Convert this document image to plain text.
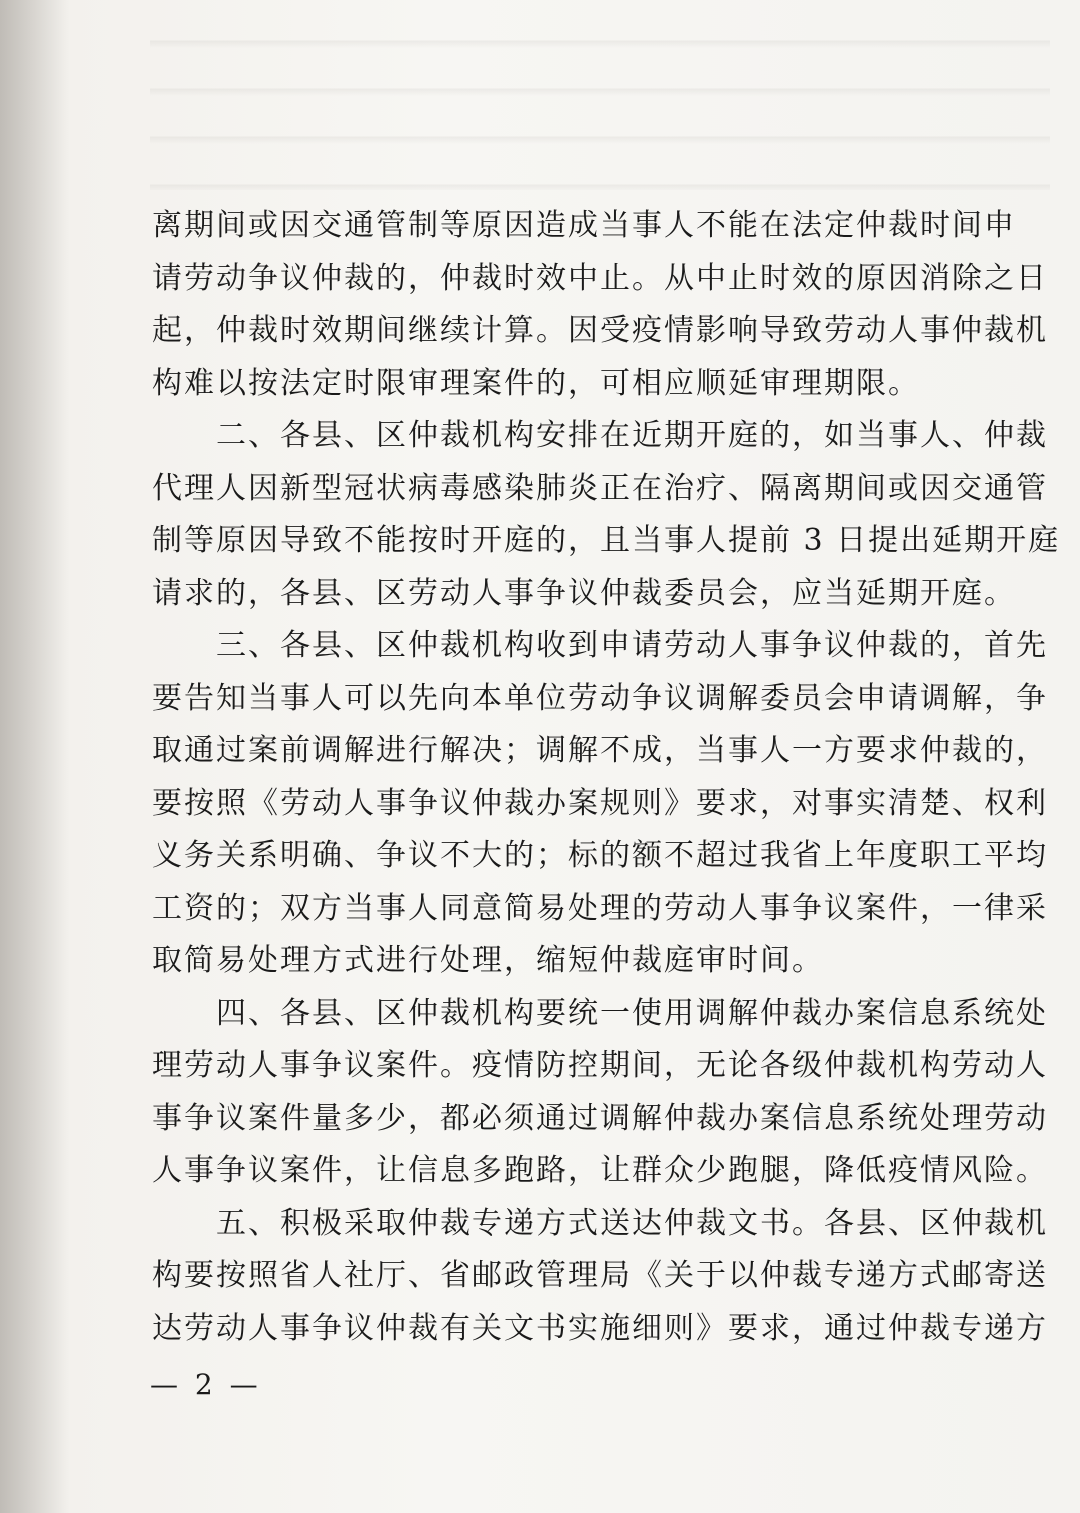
离期间或因交通管制等原因造成当事人不能在法定仲裁时间申
请劳动争议仲裁的，仲裁时效中止。从中止时效的原因消除之日
起，仲裁时效期间继续计算。因受疫情影响导致劳动人事仲裁机
构难以按法定时限审理案件的，可相应顺延审理期限。
　　二、各县、区仲裁机构安排在近期开庭的，如当事人、仲裁
代理人因新型冠状病毒感染肺炎正在治疗、隔离期间或因交通管
制等原因导致不能按时开庭的，且当事人提前 3 日提出延期开庭
请求的，各县、区劳动人事争议仲裁委员会，应当延期开庭。
　　三、各县、区仲裁机构收到申请劳动人事争议仲裁的，首先
要告知当事人可以先向本单位劳动争议调解委员会申请调解，争
取通过案前调解进行解决；调解不成，当事人一方要求仲裁的，
要按照《劳动人事争议仲裁办案规则》要求，对事实清楚、权利
义务关系明确、争议不大的；标的额不超过我省上年度职工平均
工资的；双方当事人同意简易处理的劳动人事争议案件，一律采
取简易处理方式进行处理，缩短仲裁庭审时间。
　　四、各县、区仲裁机构要统一使用调解仲裁办案信息系统处
理劳动人事争议案件。疫情防控期间，无论各级仲裁机构劳动人
事争议案件量多少，都必须通过调解仲裁办案信息系统处理劳动
人事争议案件，让信息多跑路，让群众少跑腿，降低疫情风险。
　　五、积极采取仲裁专递方式送达仲裁文书。各县、区仲裁机
构要按照省人社厅、省邮政管理局《关于以仲裁专递方式邮寄送
达劳动人事争议仲裁有关文书实施细则》要求，通过仲裁专递方
— 2 —
